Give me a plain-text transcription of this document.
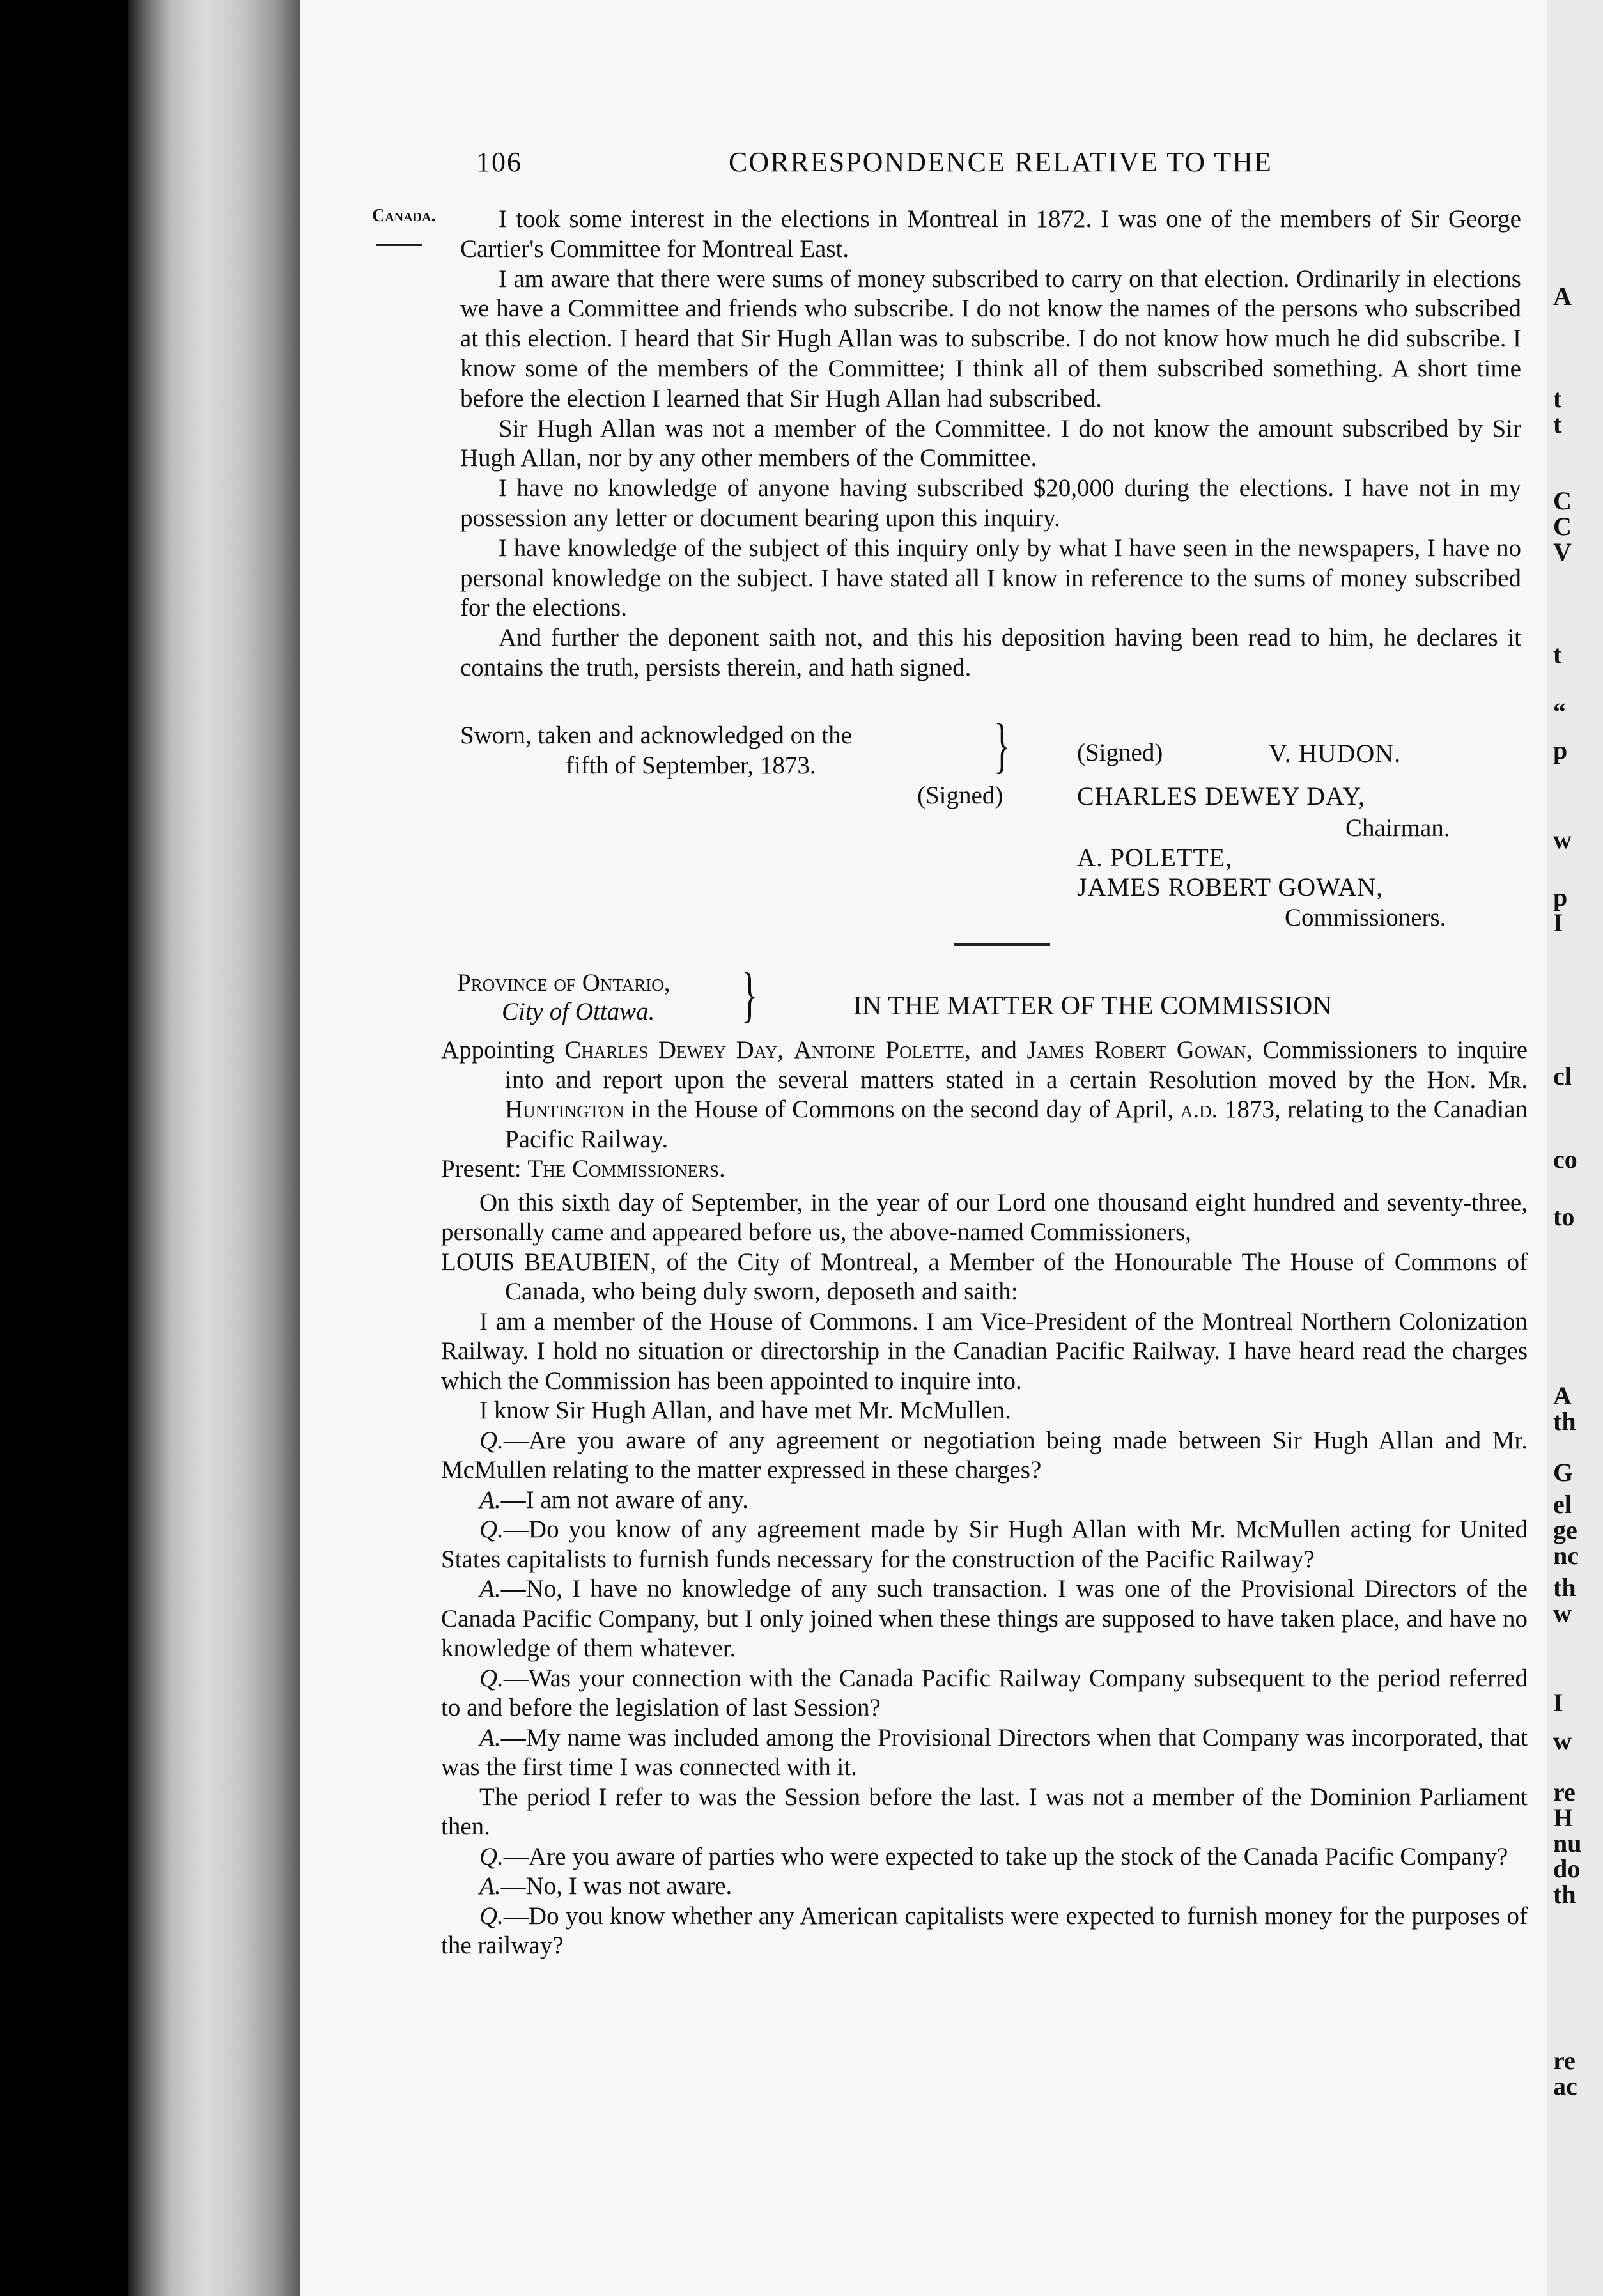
106	CORRESPONDENCE RELATIVE TO THE
Canada.	I took some interest in the elections in Montreal in 1872. I was one of the members of Sir George Cartier's Committee for Montreal East.

I am aware that there were sums of money subscribed to carry on that election. Ordinarily in elections we have a Committee and friends who subscribe. I do not know the names of the persons who subscribed at this election. I heard that Sir Hugh Allan was to subscribe. I do not know how much he did subscribe. I know some of the members of the Committee; I think all of them subscribed something. A short time before the election I learned that Sir Hugh Allan had subscribed.

Sir Hugh Allan was not a member of the Committee. I do not know the amount subscribed by Sir Hugh Allan, nor by any other members of the Committee.

I have no knowledge of anyone having subscribed $20,000 during the elections. I have not in my possession any letter or document bearing upon this inquiry.

I have knowledge of the subject of this inquiry only by what I have seen in the newspapers, I have no personal knowledge on the subject. I have stated all I know in reference to the sums of money subscribed for the elections.

And further the deponent saith not, and this his deposition having been read to him, he declares it contains the truth, persists therein, and hath signed.

Sworn, taken and acknowledged on the
fifth of September, 1873.	}	(Signed)	V. HUDON.
(Signed)	CHARLES DEWEY DAY,
Chairman.
A. POLETTE,
JAMES ROBERT GOWAN,
Commissioners.
Province of Ontario,
City of Ottawa. }	IN THE MATTER OF THE COMMISSION

Appointing Charles Dewey Day, Antoine Polette, and James Robert Gowan, Commissioners to inquire into and report upon the several matters stated in a certain Resolution moved by the Hon. Mr. Huntington in the House of Commons on the second day of April, a.d. 1873, relating to the Canadian Pacific Railway.

Present: The Commissioners.

On this sixth day of September, in the year of our Lord one thousand eight hundred and seventy-three, personally came and appeared before us, the above-named Commissioners,

LOUIS BEAUBIEN, of the City of Montreal, a Member of the Honourable The House of Commons of Canada, who being duly sworn, deposeth and saith:

I am a member of the House of Commons. I am Vice-President of the Montreal Northern Colonization Railway. I hold no situation or directorship in the Canadian Pacific Railway. I have heard read the charges which the Commission has been appointed to inquire into.

I know Sir Hugh Allan, and have met Mr. McMullen.

Q.—Are you aware of any agreement or negotiation being made between Sir Hugh Allan and Mr. McMullen relating to the matter expressed in these charges?

A.—I am not aware of any.

Q.—Do you know of any agreement made by Sir Hugh Allan with Mr. McMullen acting for United States capitalists to furnish funds necessary for the construction of the Pacific Railway?

A.—No, I have no knowledge of any such transaction. I was one of the Provisional Directors of the Canada Pacific Company, but I only joined when these things are supposed to have taken place, and have no knowledge of them whatever.

Q.—Was your connection with the Canada Pacific Railway Company subsequent to the period referred to and before the legislation of last Session?

A.—My name was included among the Provisional Directors when that Company was incorporated, that was the first time I was connected with it.

The period I refer to was the Session before the last. I was not a member of the Dominion Parliament then.

Q.—Are you aware of parties who were expected to take up the stock of the Canada Pacific Company?

A.—No, I was not aware.

Q.—Do you know whether any American capitalists were expected to furnish money for the purposes of the railway?

A
t
t
C
C
V
t
“
p
w
p
I
cl
co
to
A
th
G
el
ge
nc
th
w
I
w
re
H
nu
do
th
re
ac
